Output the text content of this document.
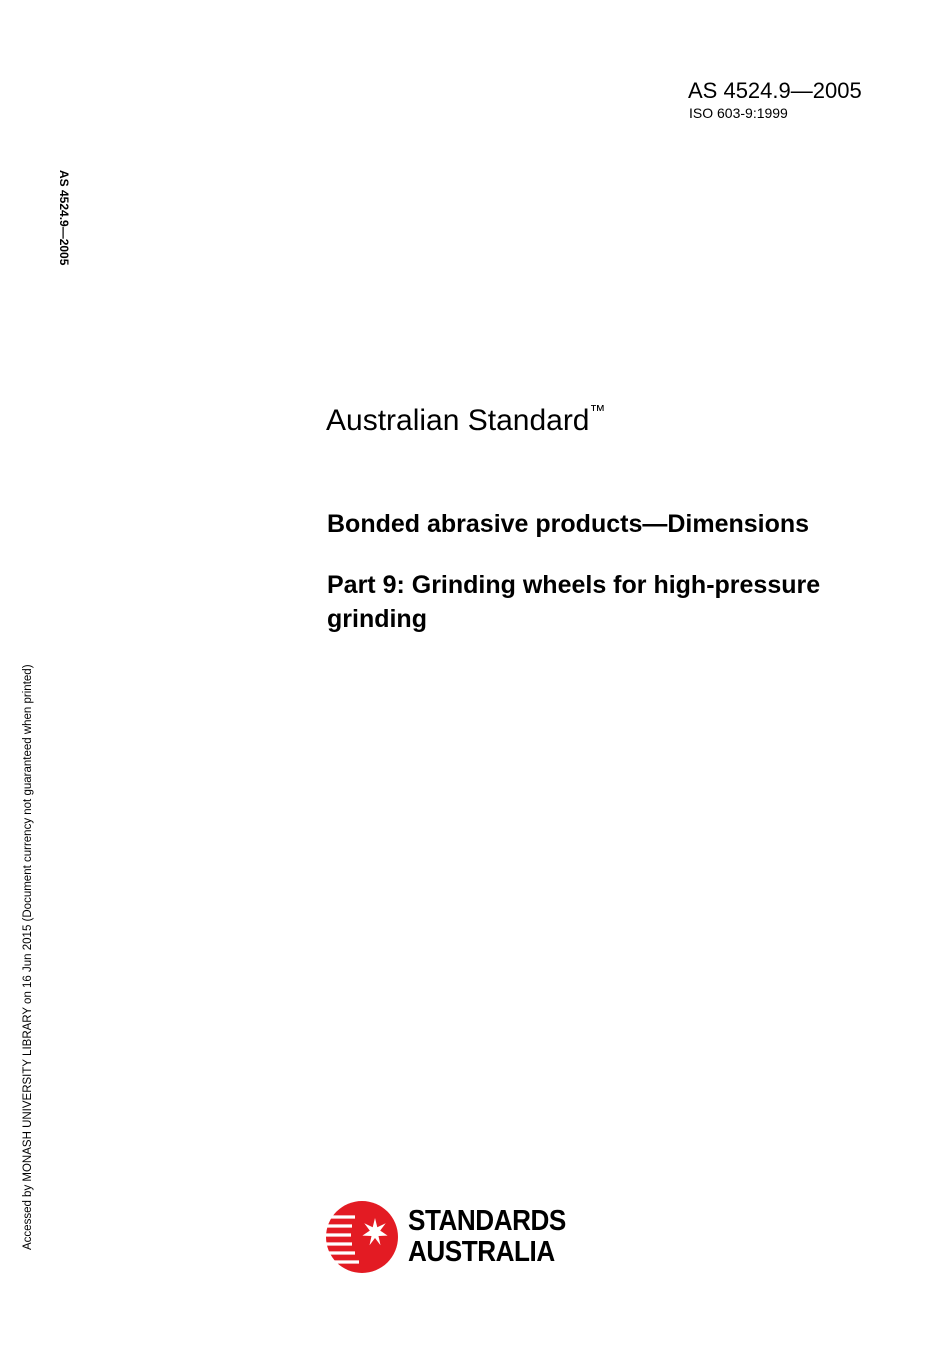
AS 4524.9—2005
ISO 603-9:1999
AS 4524.9—2005
Accessed by MONASH UNIVERSITY LIBRARY on 16 Jun 2015 (Document currency not guaranteed when printed)
Australian Standard™
Bonded abrasive products—Dimensions
Part 9: Grinding wheels for high-pressure grinding
STANDARDS
AUSTRALIA
